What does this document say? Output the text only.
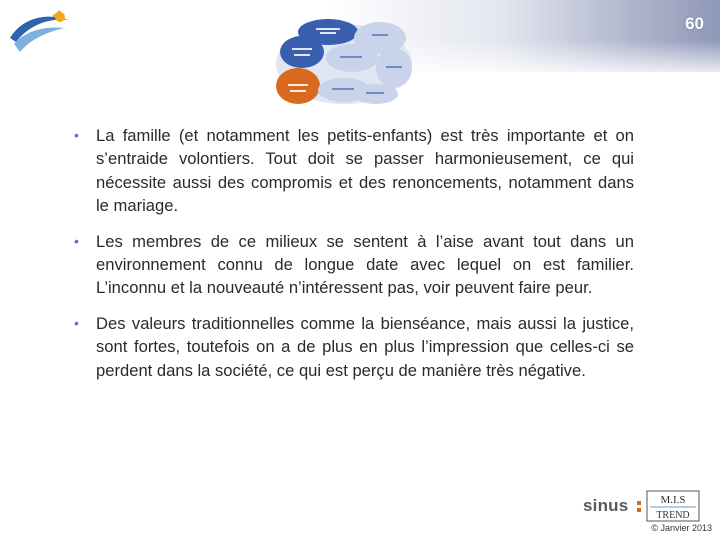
60
• La famille (et notamment les petits-enfants) est très importante et on s’entraide volontiers. Tout doit se passer harmonieusement, ce qui nécessite aussi des compromis et des renoncements, notamment dans le mariage.
• Les membres de ce milieux se sentent à l’aise avant tout dans un environnement connu de longue date avec lequel on est familier. L’inconnu et la nouveauté n’intéressent pas, voir peuvent faire peur.
• Des valeurs traditionnelles comme la bienséance, mais aussi la justice, sont fortes, toutefois on a de plus en plus l’impression que celles-ci se perdent dans la société, ce qui est perçu de manière très négative.
sinus	M.I.S
TREND
© Janvier 2013
